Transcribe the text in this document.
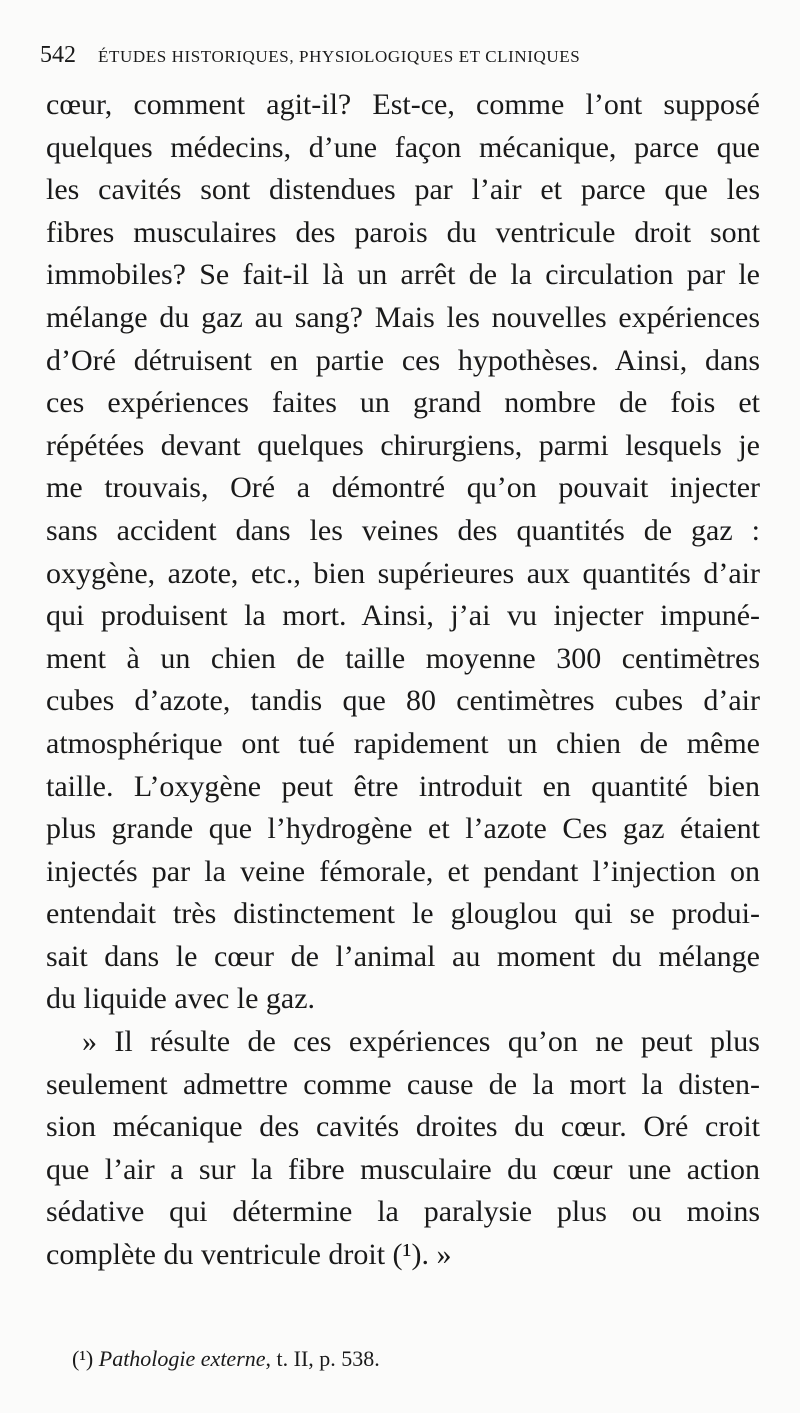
542 ÉTUDES HISTORIQUES, PHYSIOLOGIQUES ET CLINIQUES
cœur, comment agit-il? Est-ce, comme l’ont supposé
quelques médecins, d’une façon mécanique, parce que
les cavités sont distendues par l’air et parce que les
fibres musculaires des parois du ventricule droit sont
immobiles? Se fait-il là un arrêt de la circulation par le
mélange du gaz au sang? Mais les nouvelles expériences
d’Oré détruisent en partie ces hypothèses. Ainsi, dans
ces expériences faites un grand nombre de fois et
répétées devant quelques chirurgiens, parmi lesquels je
me trouvais, Oré a démontré qu’on pouvait injecter
sans accident dans les veines des quantités de gaz :
oxygène, azote, etc., bien supérieures aux quantités d’air
qui produisent la mort. Ainsi, j’ai vu injecter impuné-
ment à un chien de taille moyenne 300 centimètres
cubes d’azote, tandis que 80 centimètres cubes d’air
atmosphérique ont tué rapidement un chien de même
taille. L’oxygène peut être introduit en quantité bien
plus grande que l’hydrogène et l’azote Ces gaz étaient
injectés par la veine fémorale, et pendant l’injection on
entendait très distinctement le glouglou qui se produi-
sait dans le cœur de l’animal au moment du mélange
du liquide avec le gaz.
» Il résulte de ces expériences qu’on ne peut plus
seulement admettre comme cause de la mort la disten-
sion mécanique des cavités droites du cœur. Oré croit
que l’air a sur la fibre musculaire du cœur une action
sédative qui détermine la paralysie plus ou moins
complète du ventricule droit (¹). »
(¹) Pathologie externe, t. II, p. 538.
